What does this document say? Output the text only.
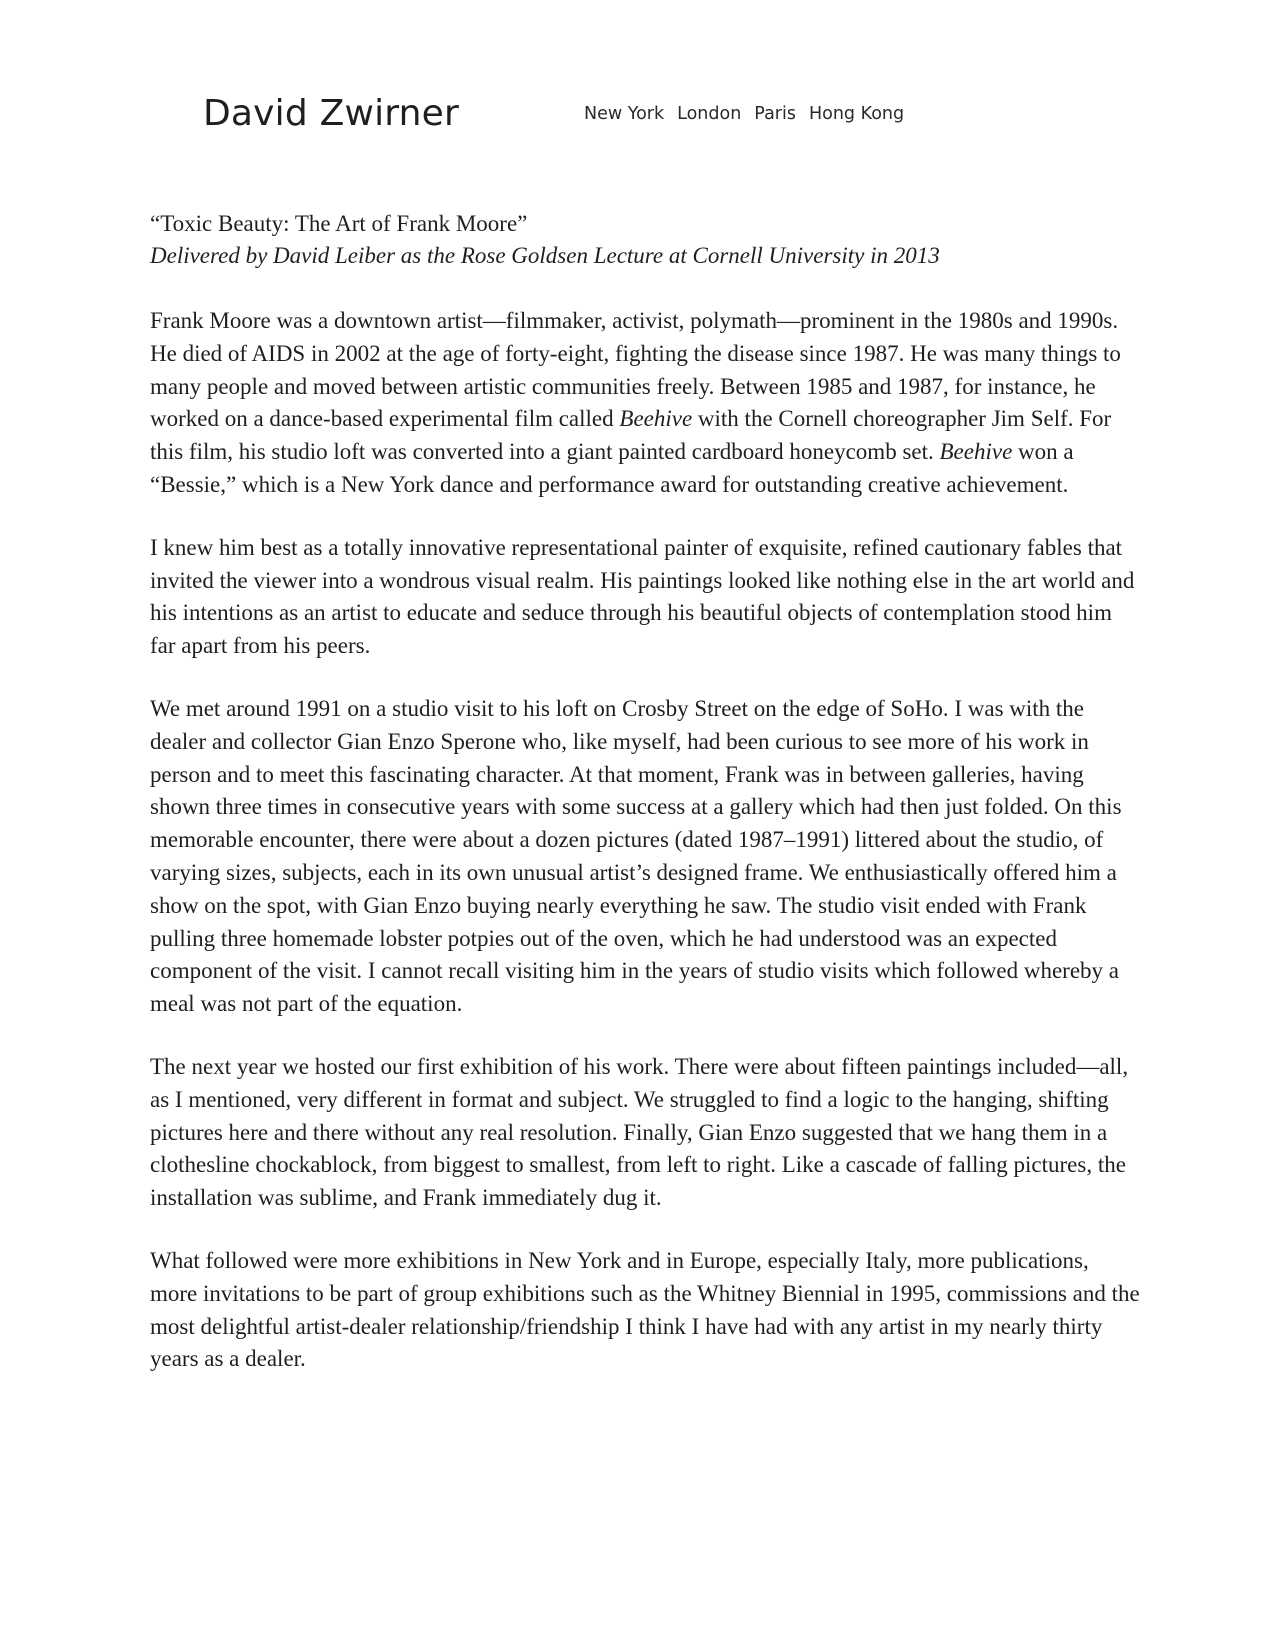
David Zwirner	New York London Paris Hong Kong

“Toxic Beauty: The Art of Frank Moore”

Delivered by David Leiber as the Rose Goldsen Lecture at Cornell University in 2013

Frank Moore was a downtown artist—filmmaker, activist, polymath—prominent in the 1980s and 1990s. He died of AIDS in 2002 at the age of forty-eight, fighting the disease since 1987. He was many things to many people and moved between artistic communities freely. Between 1985 and 1987, for instance, he worked on a dance-based experimental film called Beehive with the Cornell choreographer Jim Self. For this film, his studio loft was converted into a giant painted cardboard honeycomb set. Beehive won a “Bessie,” which is a New York dance and performance award for outstanding creative achievement.

I knew him best as a totally innovative representational painter of exquisite, refined cautionary fables that invited the viewer into a wondrous visual realm. His paintings looked like nothing else in the art world and his intentions as an artist to educate and seduce through his beautiful objects of contemplation stood him far apart from his peers.

We met around 1991 on a studio visit to his loft on Crosby Street on the edge of SoHo. I was with the dealer and collector Gian Enzo Sperone who, like myself, had been curious to see more of his work in person and to meet this fascinating character. At that moment, Frank was in between galleries, having shown three times in consecutive years with some success at a gallery which had then just folded. On this memorable encounter, there were about a dozen pictures (dated 1987–1991) littered about the studio, of varying sizes, subjects, each in its own unusual artist’s designed frame. We enthusiastically offered him a show on the spot, with Gian Enzo buying nearly everything he saw. The studio visit ended with Frank pulling three homemade lobster potpies out of the oven, which he had understood was an expected component of the visit. I cannot recall visiting him in the years of studio visits which followed whereby a meal was not part of the equation.

The next year we hosted our first exhibition of his work. There were about fifteen paintings included—all, as I mentioned, very different in format and subject. We struggled to find a logic to the hanging, shifting pictures here and there without any real resolution. Finally, Gian Enzo suggested that we hang them in a clothesline chockablock, from biggest to smallest, from left to right. Like a cascade of falling pictures, the installation was sublime, and Frank immediately dug it.

What followed were more exhibitions in New York and in Europe, especially Italy, more publications, more invitations to be part of group exhibitions such as the Whitney Biennial in 1995, commissions and the most delightful artist-dealer relationship/friendship I think I have had with any artist in my nearly thirty years as a dealer.
